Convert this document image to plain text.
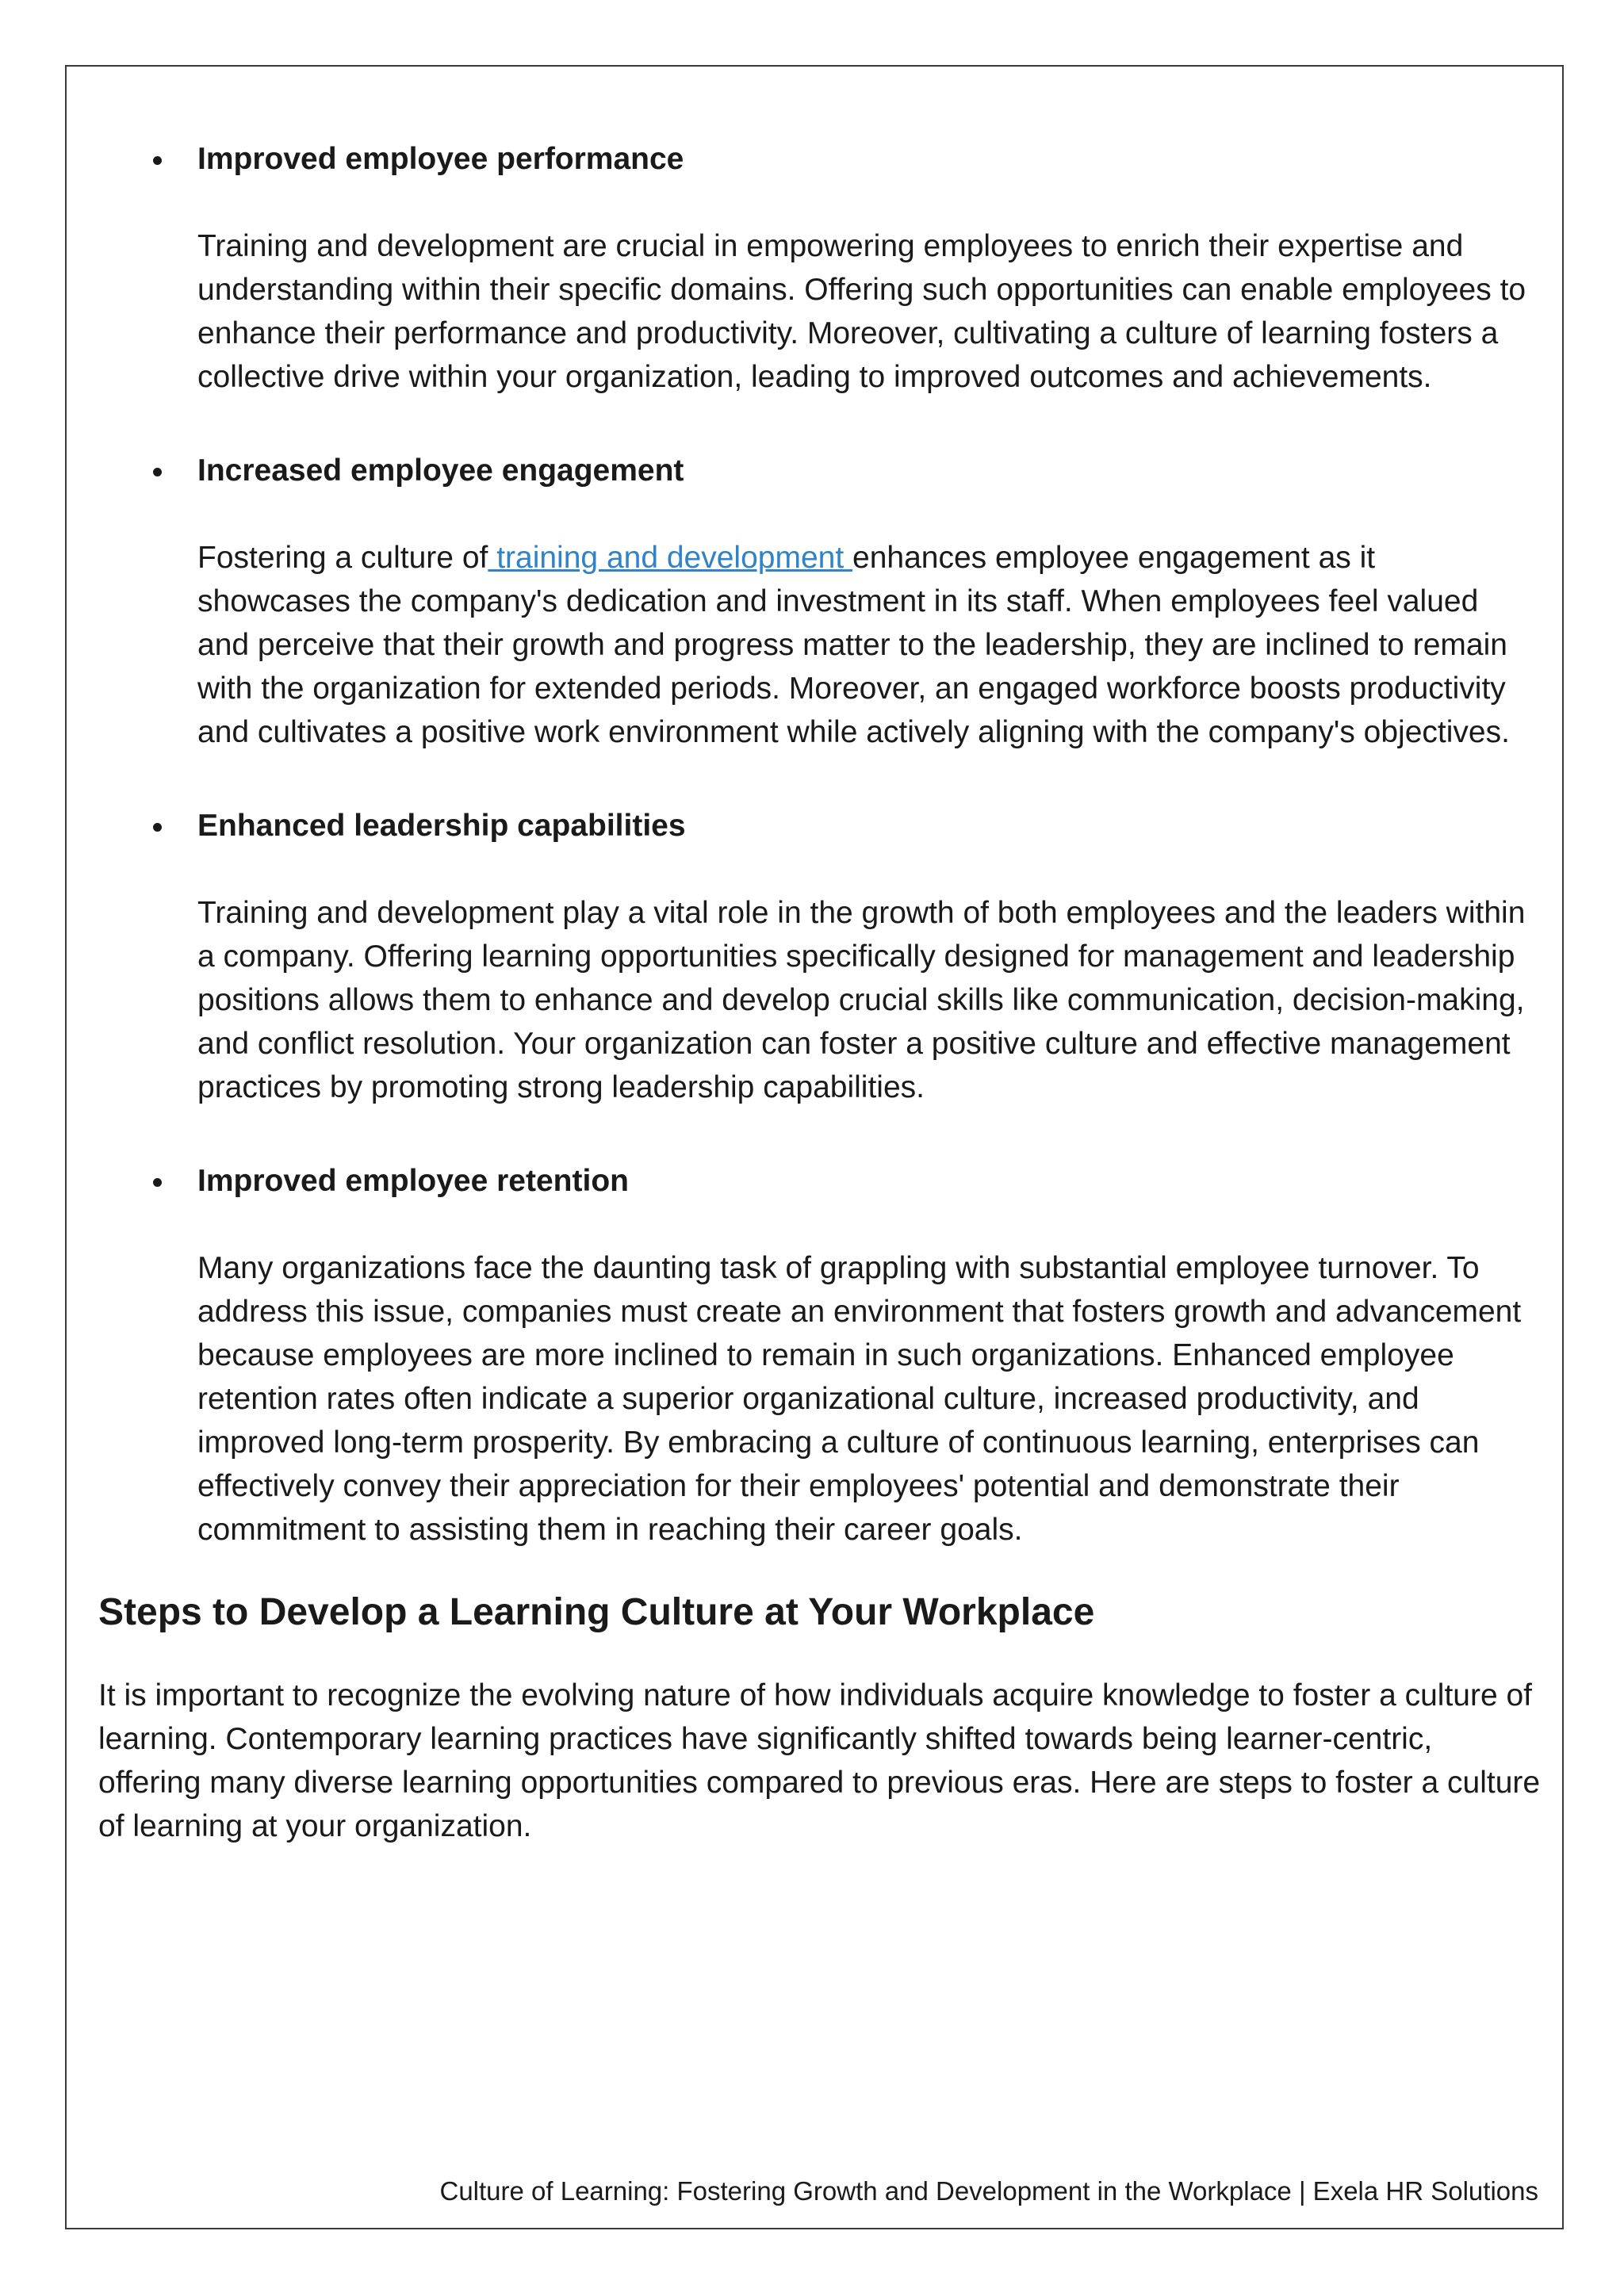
Improved employee performance

Training and development are crucial in empowering employees to enrich their expertise and understanding within their specific domains. Offering such opportunities can enable employees to enhance their performance and productivity. Moreover, cultivating a culture of learning fosters a collective drive within your organization, leading to improved outcomes and achievements.

Increased employee engagement

Fostering a culture of training and development enhances employee engagement as it showcases the company's dedication and investment in its staff. When employees feel valued and perceive that their growth and progress matter to the leadership, they are inclined to remain with the organization for extended periods. Moreover, an engaged workforce boosts productivity and cultivates a positive work environment while actively aligning with the company's objectives.

Enhanced leadership capabilities

Training and development play a vital role in the growth of both employees and the leaders within a company. Offering learning opportunities specifically designed for management and leadership positions allows them to enhance and develop crucial skills like communication, decision-making, and conflict resolution. Your organization can foster a positive culture and effective management practices by promoting strong leadership capabilities.

Improved employee retention

Many organizations face the daunting task of grappling with substantial employee turnover. To address this issue, companies must create an environment that fosters growth and advancement because employees are more inclined to remain in such organizations. Enhanced employee retention rates often indicate a superior organizational culture, increased productivity, and improved long-term prosperity. By embracing a culture of continuous learning, enterprises can effectively convey their appreciation for their employees' potential and demonstrate their commitment to assisting them in reaching their career goals.

Steps to Develop a Learning Culture at Your Workplace

It is important to recognize the evolving nature of how individuals acquire knowledge to foster a culture of learning. Contemporary learning practices have significantly shifted towards being learner-centric, offering many diverse learning opportunities compared to previous eras. Here are steps to foster a culture of learning at your organization.

Culture of Learning: Fostering Growth and Development in the Workplace | Exela HR Solutions
